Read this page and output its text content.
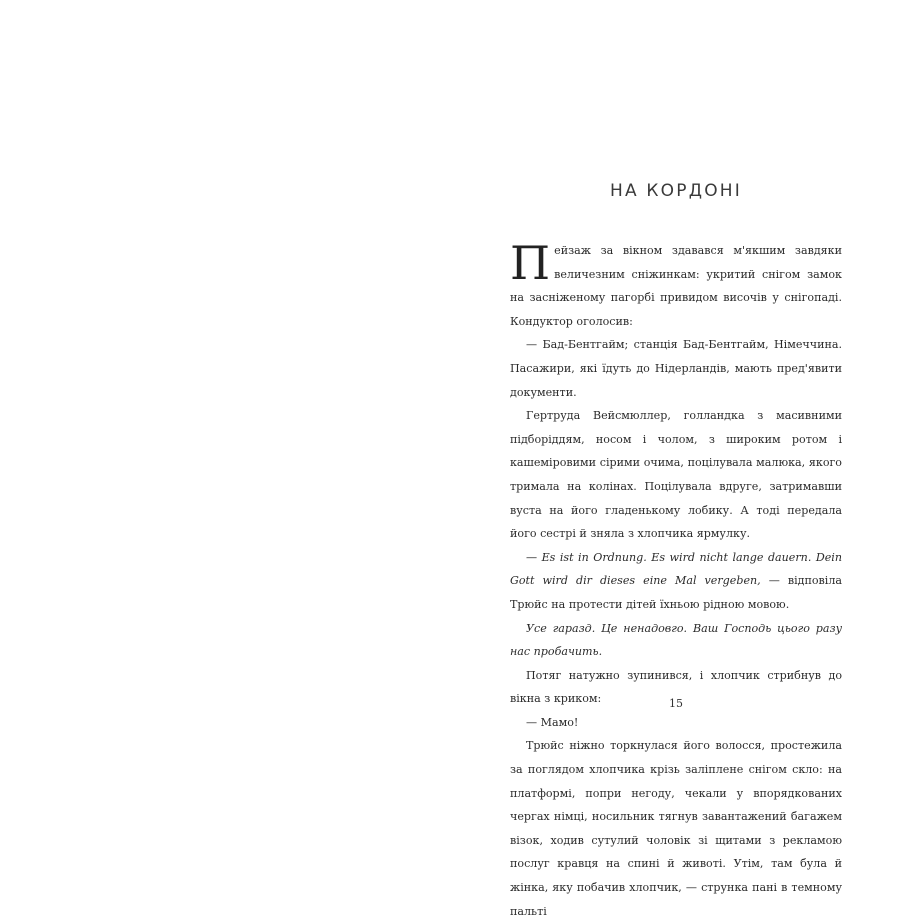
НА КОРДОНІ

Пейзаж за вікном здавався м'якшим завдяки величезним сніжинкам: укритий снігом замок на засніженому пагорбі привидом височів у снігопаді. Кондуктор оголосив:

— Бад-Бентгайм; станція Бад-Бентгайм, Німеччина. Пасажири, які їдуть до Нідерландів, мають пред'явити документи.

Гертруда Вейсмюллер, голландка з масивними підборіддям, носом і чолом, з широким ротом і кашеміровими сірими очима, поцілувала малюка, якого тримала на колінах. Поцілувала вдруге, затримавши вуста на його гладенькому лобику. А тоді передала його сестрі й зняла з хлопчика ярмулку.

— Es ist in Ordnung. Es wird nicht lange dauern. Dein Gott wird dir dieses eine Mal vergeben, — відповіла Трюйс на протести дітей їхньою рідною мовою.

Усе гаразд. Це ненадовго. Ваш Господь цього разу нас пробачить.

Потяг натужно зупинився, і хлопчик стрибнув до вікна з криком:

— Мамо!

Трюйс ніжно торкнулася його волосся, простежила за поглядом хлопчика крізь заліплене снігом скло: на платформі, попри негоду, чекали у впорядкованих чергах німці, носильник тягнув завантажений багажем візок, ходив сутулий чоловік зі щитами з рекламою послуг кравця на спині й животі. Утім, там була й жінка, яку побачив хлопчик, — струнка пані в темному пальті

15
